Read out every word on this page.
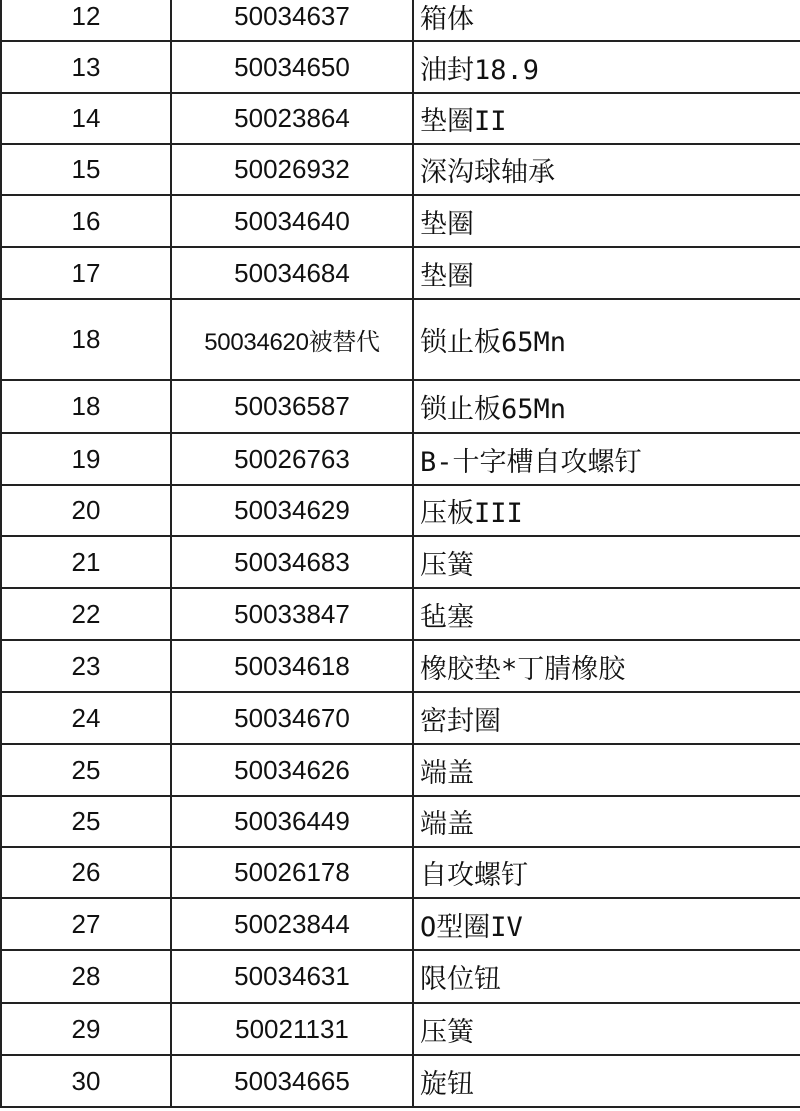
12	50034637	箱体
13	50034650	油封18.9
14	50023864	垫圈II
15	50026932	深沟球轴承
16	50034640	垫圈
17	50034684	垫圈
18	50034620被替代	锁止板65Mn
18	50036587	锁止板65Mn
19	50026763	B-十字槽自攻螺钉
20	50034629	压板III
21	50034683	压簧
22	50033847	毡塞
23	50034618	橡胶垫*丁腈橡胶
24	50034670	密封圈
25	50034626	端盖
25	50036449	端盖
26	50026178	自攻螺钉
27	50023844	O型圈IV
28	50034631	限位钮
29	50021131	压簧
30	50034665	旋钮
